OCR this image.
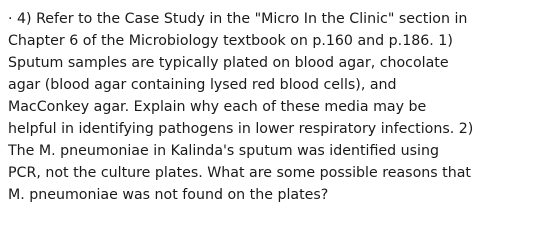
· 4) Refer to the Case Study in the "Micro In the Clinic" section in
Chapter 6 of the Microbiology textbook on p.160 and p.186. 1)
Sputum samples are typically plated on blood agar, chocolate
agar (blood agar containing lysed red blood cells), and
MacConkey agar. Explain why each of these media may be
helpful in identifying pathogens in lower respiratory infections. 2)
The M. pneumoniae in Kalinda's sputum was identified using
PCR, not the culture plates. What are some possible reasons that
M. pneumoniae was not found on the plates?
